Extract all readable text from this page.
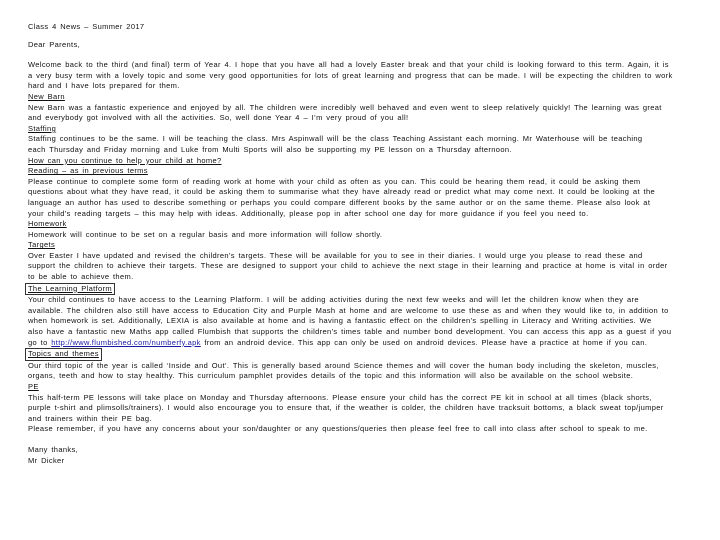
Class 4 News – Summer 2017
Dear Parents,
Welcome back to the third (and final) term of Year 4. I hope that you have all had a lovely Easter break and that your child is looking forward to this term. Again, it is
a very busy term with a lovely topic and some very good opportunities for lots of great learning and progress that can be made. I will be expecting the children to work
hard and I have lots prepared for them.
New Barn
New Barn was a fantastic experience and enjoyed by all. The children were incredibly well behaved and even went to sleep relatively quickly! The learning was great
and everybody got involved with all the activities. So, well done Year 4 – I’m very proud of you all!
Staffing
Staffing continues to be the same. I will be teaching the class. Mrs Aspinwall will be the class Teaching Assistant each morning. Mr Waterhouse will be teaching
each Thursday and Friday morning and Luke from Multi Sports will also be supporting my PE lesson on a Thursday afternoon.
How can you continue to help your child at home?
Reading – as in previous terms
Please continue to complete some form of reading work at home with your child as often as you can. This could be hearing them read, it could be asking them
questions about what they have read, it could be asking them to summarise what they have already read or predict what may come next. It could be looking at the
language an author has used to describe something or perhaps you could compare different books by the same author or on the same theme. Please also look at
your child’s reading targets – this may help with ideas. Additionally, please pop in after school one day for more guidance if you feel you need to.
Homework
Homework will continue to be set on a regular basis and more information will follow shortly.
Targets
Over Easter I have updated and revised the children’s targets. These will be available for you to see in their diaries. I would urge you please to read these and
support the children to achieve their targets. These are designed to support your child to achieve the next stage in their learning and practice at home is vital in order
to be able to achieve them.
The Learning Platform
Your child continues to have access to the Learning Platform. I will be adding activities during the next few weeks and will let the children know when they are
available. The children also still have access to Education City and Purple Mash at home and are welcome to use these as and when they would like to, in addition to
when homework is set. Additionally, LEXIA is also available at home and is having a fantastic effect on the children’s spelling in Literacy and Writing activities. We
also have a fantastic new Maths app called Flumbish that supports the children’s times table and number bond development. You can access this app as a guest if you
go to http://www.flumbished.com/numberfy.apk from an android device. This app can only be used on android devices. Please have a practice at home if you can.
Topics and themes
Our third topic of the year is called ‘Inside and Out’. This is generally based around Science themes and will cover the human body including the skeleton, muscles,
organs, teeth and how to stay healthy. This curriculum pamphlet provides details of the topic and this information will also be available on the school website.
PE
This half-term PE lessons will take place on Monday and Thursday afternoons. Please ensure your child has the correct PE kit in school at all times (black shorts,
purple t-shirt and plimsolls/trainers). I would also encourage you to ensure that, if the weather is colder, the children have tracksuit bottoms, a black sweat top/jumper
and trainers within their PE bag.
Please remember, if you have any concerns about your son/daughter or any questions/queries then please feel free to call into class after school to speak to me.
Many thanks,
Mr Dicker
